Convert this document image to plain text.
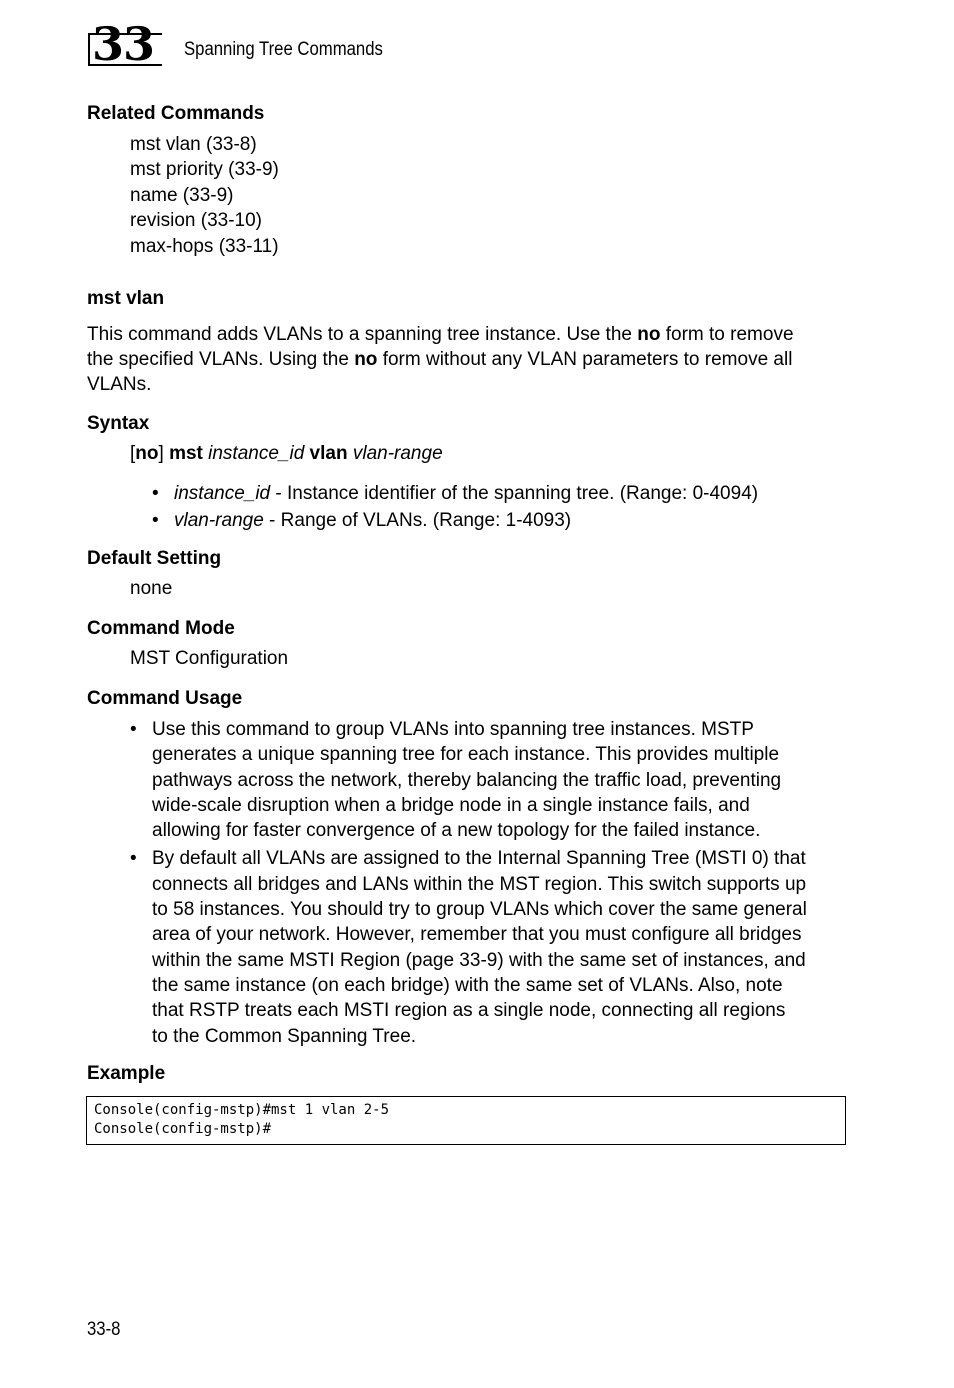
33 Spanning Tree Commands
Related Commands
mst vlan (33-8)
mst priority (33-9)
name (33-9)
revision (33-10)
max-hops (33-11)
mst vlan

This command adds VLANs to a spanning tree instance. Use the no form to remove

the specified VLANs. Using the no form without any VLAN parameters to remove all

VLANs.

Syntax
[no] mst instance_id vlan vlan-range
• instance_id - Instance identifier of the spanning tree. (Range: 0-4094)
• vlan-range - Range of VLANs. (Range: 1-4093)
Default Setting
none
Command Mode
MST Configuration
Command Usage
• Use this command to group VLANs into spanning tree instances. MSTP
generates a unique spanning tree for each instance. This provides multiple
pathways across the network, thereby balancing the traffic load, preventing
wide-scale disruption when a bridge node in a single instance fails, and
allowing for faster convergence of a new topology for the failed instance.
• By default all VLANs are assigned to the Internal Spanning Tree (MSTI 0) that
connects all bridges and LANs within the MST region. This switch supports up
to 58 instances. You should try to group VLANs which cover the same general
area of your network. However, remember that you must configure all bridges
within the same MSTI Region (page 33-9) with the same set of instances, and
the same instance (on each bridge) with the same set of VLANs. Also, note
that RSTP treats each MSTI region as a single node, connecting all regions
to the Common Spanning Tree.
Example
Console(config-mstp)#mst 1 vlan 2-5
Console(config-mstp)#
33-8
